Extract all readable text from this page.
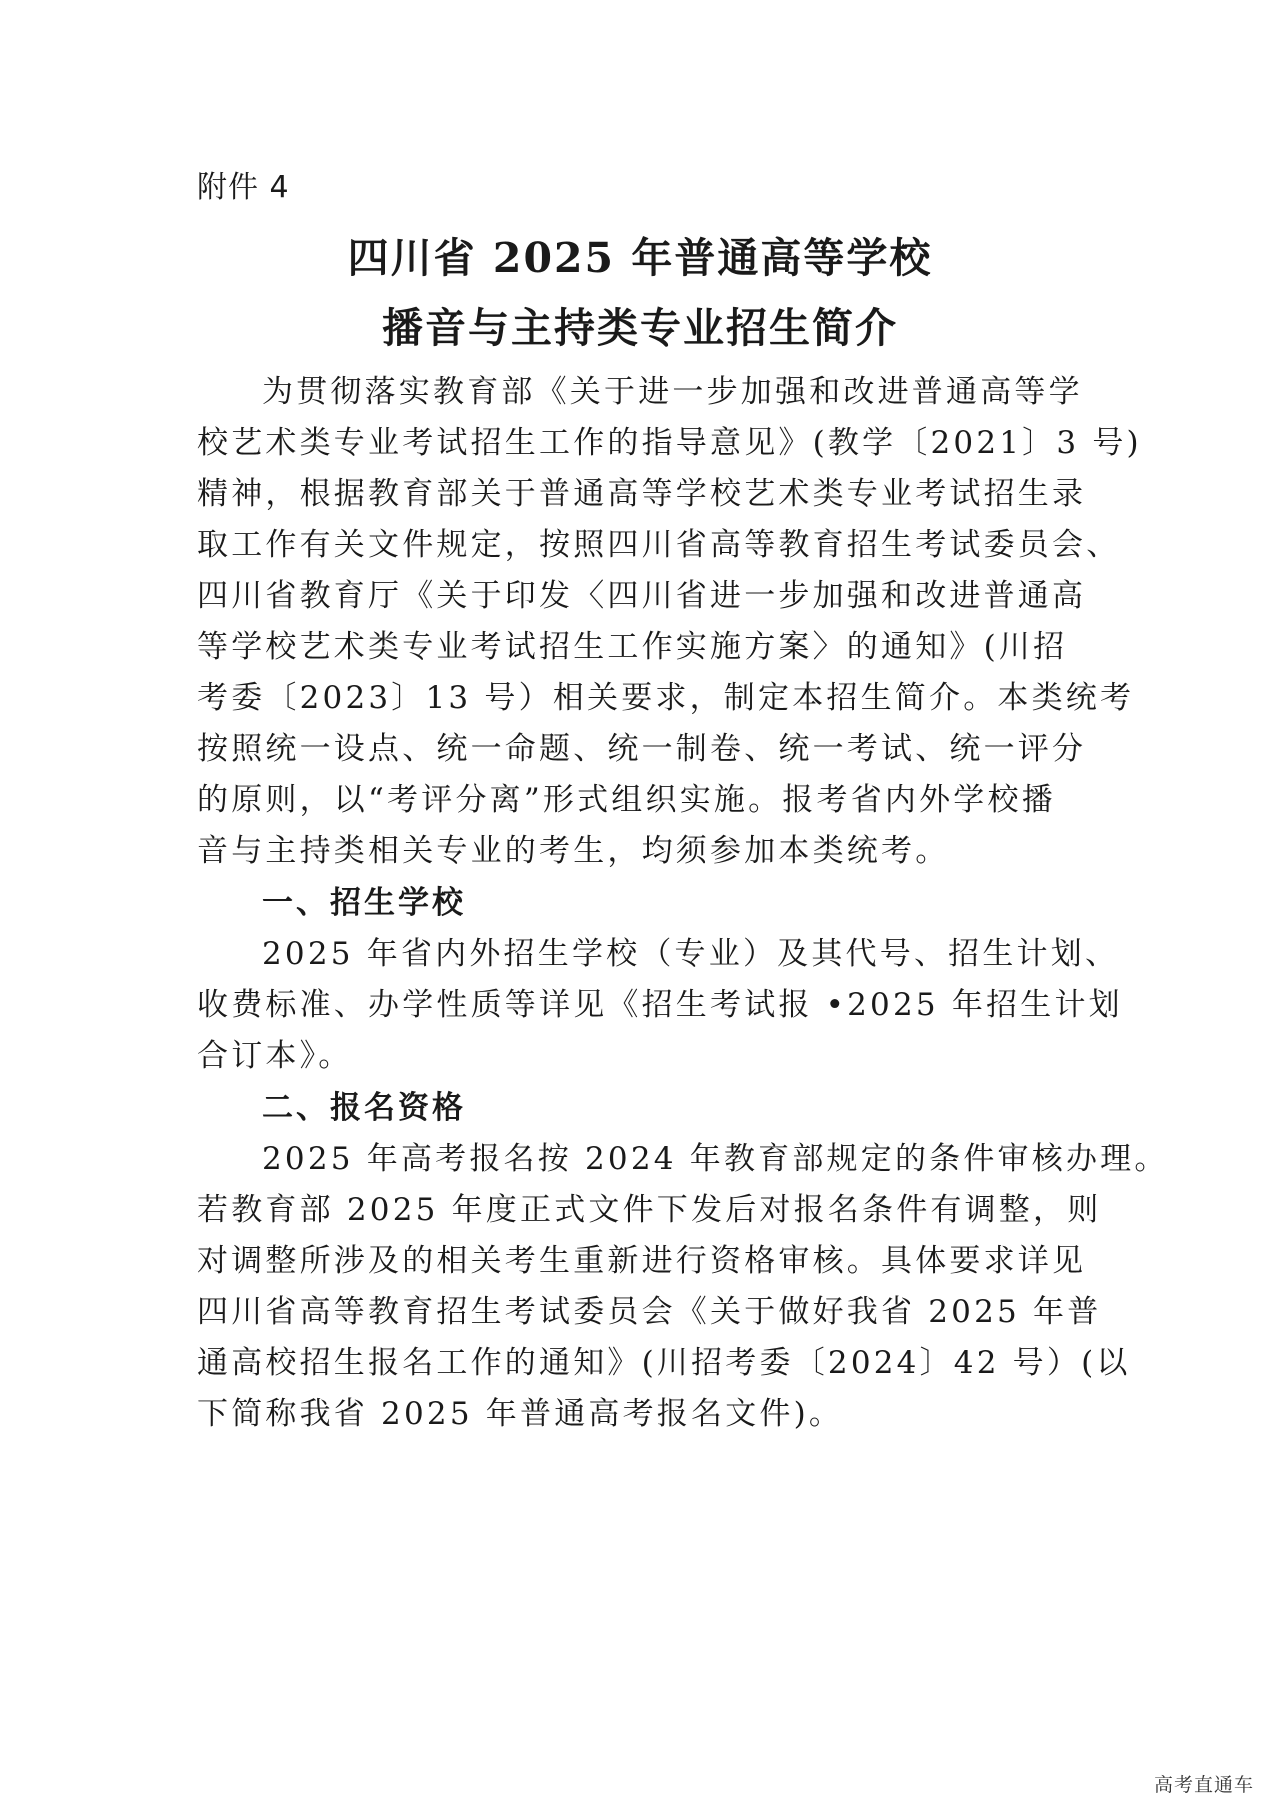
附件 4
四川省 2025 年普通高等学校
播音与主持类专业招生简介
为贯彻落实教育部《关于进一步加强和改进普通高等学
校艺术类专业考试招生工作的指导意见》(教学〔2021〕3 号)
精神，根据教育部关于普通高等学校艺术类专业考试招生录
取工作有关文件规定，按照四川省高等教育招生考试委员会、
四川省教育厅《关于印发〈四川省进一步加强和改进普通高
等学校艺术类专业考试招生工作实施方案〉的通知》(川招
考委〔2023〕13 号）相关要求，制定本招生简介。本类统考
按照统一设点、统一命题、统一制卷、统一考试、统一评分
的原则，以“考评分离”形式组织实施。报考省内外学校播
音与主持类相关专业的考生，均须参加本类统考。
一、招生学校
2025 年省内外招生学校（专业）及其代号、招生计划、
收费标准、办学性质等详见《招生考试报 •2025 年招生计划
合订本》。
二、报名资格
2025 年高考报名按 2024 年教育部规定的条件审核办理。
若教育部 2025 年度正式文件下发后对报名条件有调整，则
对调整所涉及的相关考生重新进行资格审核。具体要求详见
四川省高等教育招生考试委员会《关于做好我省 2025 年普
通高校招生报名工作的通知》(川招考委〔2024〕42 号）(以
下简称我省 2025 年普通高考报名文件)。
高考直通车
